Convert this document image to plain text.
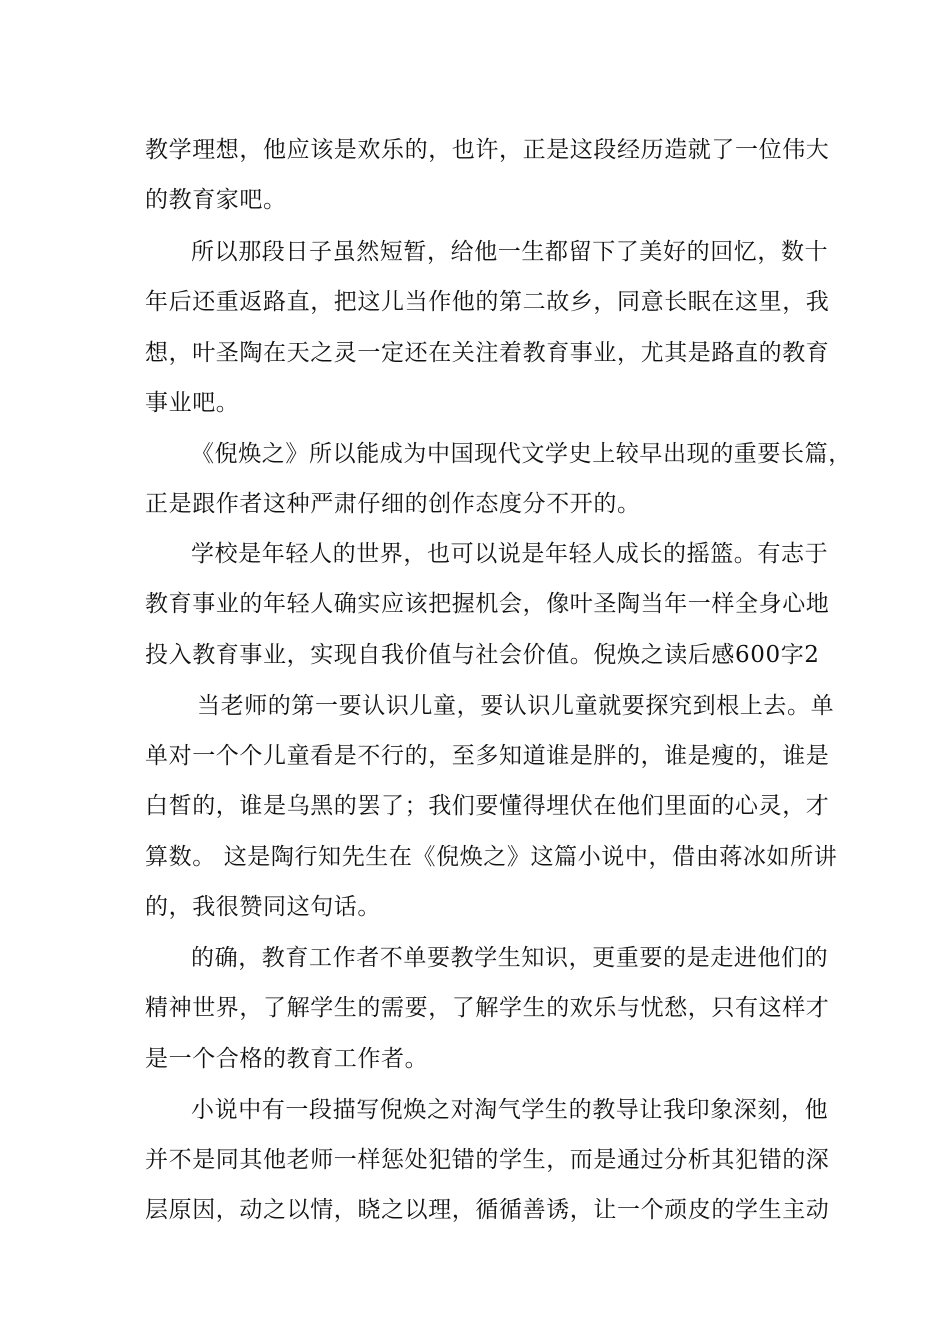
教学理想，他应该是欢乐的，也许，正是这段经历造就了一位伟大
的教育家吧。
所以那段日子虽然短暂，给他一生都留下了美好的回忆，数十
年后还重返路直，把这儿当作他的第二故乡，同意长眠在这里，我
想，叶圣陶在天之灵一定还在关注着教育事业，尤其是路直的教育
事业吧。
《倪焕之》所以能成为中国现代文学史上较早出现的重要长篇，
正是跟作者这种严肃仔细的创作态度分不开的。
学校是年轻人的世界，也可以说是年轻人成长的摇篮。有志于
教育事业的年轻人确实应该把握机会，像叶圣陶当年一样全身心地
投入教育事业，实现自我价值与社会价值。倪焕之读后感600字2
当老师的第一要认识儿童，要认识儿童就要探究到根上去。单
单对一个个儿童看是不行的，至多知道谁是胖的，谁是瘦的，谁是
白皙的，谁是乌黑的罢了；我们要懂得埋伏在他们里面的心灵，才
算数。 这是陶行知先生在《倪焕之》这篇小说中，借由蒋冰如所讲
的，我很赞同这句话。
的确，教育工作者不单要教学生知识，更重要的是走进他们的
精神世界，了解学生的需要，了解学生的欢乐与忧愁，只有这样才
是一个合格的教育工作者。
小说中有一段描写倪焕之对淘气学生的教导让我印象深刻，他
并不是同其他老师一样惩处犯错的学生，而是通过分析其犯错的深
层原因，动之以情，晓之以理，循循善诱，让一个顽皮的学生主动
